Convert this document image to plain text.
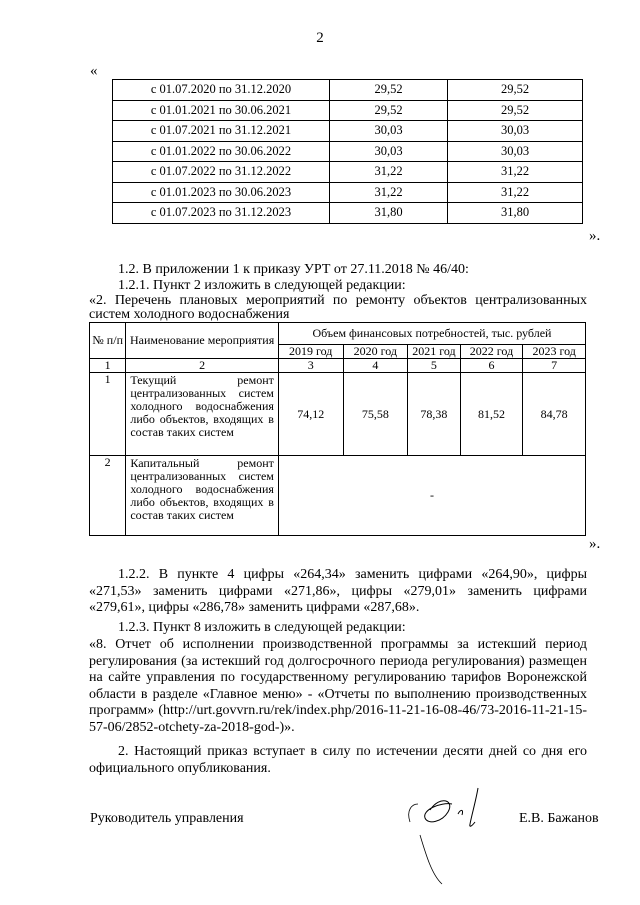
2
«
с 01.07.2020 по 31.12.2020	29,52	29,52
с 01.01.2021 по 30.06.2021	29,52	29,52
с 01.07.2021 по 31.12.2021	30,03	30,03
с 01.01.2022 по 30.06.2022	30,03	30,03
с 01.07.2022 по 31.12.2022	31,22	31,22
с 01.01.2023 по 30.06.2023	31,22	31,22
с 01.07.2023 по 31.12.2023	31,80	31,80
».
1.2. В приложении 1 к приказу УРТ от 27.11.2018 № 46/40:
1.2.1. Пункт 2 изложить в следующей редакции:
«2. Перечень плановых мероприятий по ремонту объектов централизованных систем холодного водоснабжения
№ п/п	Наименование мероприятия	Объем финансовых потребностей, тыс. рублей				
		2019 год	2020 год	2021 год	2022 год	2023 год
1	2	3	4	5	6	7
1	Текущий ремонт централизованных систем холодного водоснабжения либо объектов, входящих в состав таких систем	74,12	75,58	78,38	81,52	84,78
2	Капитальный ремонт централизованных систем холодного водоснабжения либо объектов, входящих в состав таких систем	-				
».
1.2.2. В пункте 4 цифры «264,34» заменить цифрами «264,90», цифры «271,53» заменить цифрами «271,86», цифры «279,01» заменить цифрами «279,61», цифры «286,78» заменить цифрами «287,68».
1.2.3. Пункт 8 изложить в следующей редакции:
«8. Отчет об исполнении производственной программы за истекший период регулирования (за истекший год долгосрочного периода регулирования) размещен на сайте управления по государственному регулированию тарифов Воронежской области в разделе «Главное меню» - «Отчеты по выполнению производственных программ» (http://urt.govvrn.ru/rek/index.php/2016-11-21-16-08-46/73-2016-11-21-15-57-06/2852-otchety-za-2018-god-)».
2. Настоящий приказ вступает в силу по истечении десяти дней со дня его официального опубликования.
Руководитель управления	Е.В. Бажанов
